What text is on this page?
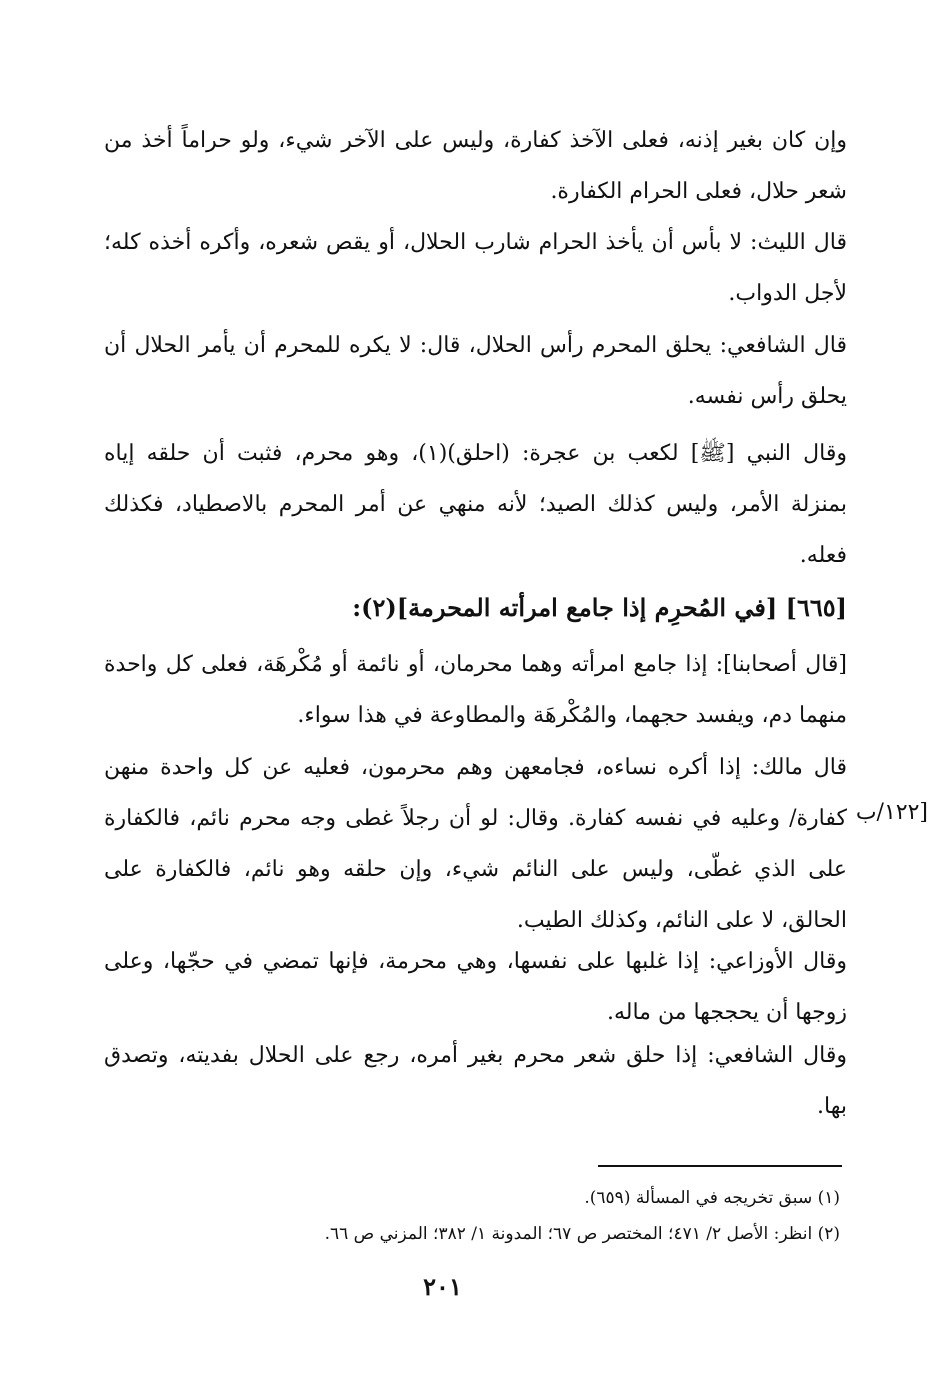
وإن كان بغير إذنه، فعلى الآخذ كفارة، وليس على الآخر شيء، ولو حراماً أخذ من شعر حلال، فعلى الحرام الكفارة.

قال الليث: لا بأس أن يأخذ الحرام شارب الحلال، أو يقص شعره، وأكره أخذه كله؛ لأجل الدواب.

قال الشافعي: يحلق المحرم رأس الحلال، قال: لا يكره للمحرم أن يأمر الحلال أن يحلق رأس نفسه.

وقال النبي [ﷺ] لكعب بن عجرة: (احلق)(١)، وهو محرم، فثبت أن حلقه إياه بمنزلة الأمر، وليس كذلك الصيد؛ لأنه منهي عن أمر المحرم بالاصطياد، فكذلك فعله.

[٦٦٥] [في المُحرِم إذا جامع امرأته المحرمة](٢):

[قال أصحابنا]: إذا جامع امرأته وهما محرمان، أو نائمة أو مُكْرهَة، فعلى كل واحدة منهما دم، ويفسد حجهما، والمُكْرهَة والمطاوعة في هذا سواء.

قال مالك: إذا أكره نساءه، فجامعهن وهم محرمون، فعليه عن كل واحدة منهن كفارة/ وعليه في نفسه كفارة. وقال: لو أن رجلاً غطى وجه محرم نائم، فالكفارة على الذي غطّى، وليس على النائم شيء، وإن حلقه وهو نائم، فالكفارة على الحالق، لا على النائم، وكذلك الطيب.

وقال الأوزاعي: إذا غلبها على نفسها، وهي محرمة، فإنها تمضي في حجّها، وعلى زوجها أن يحججها من ماله.

وقال الشافعي: إذا حلق شعر محرم بغير أمره، رجع على الحلال بفديته، وتصدق بها.

[١٢٢/ب

(١) سبق تخريجه في المسألة (٦٥٩).

(٢) انظر: الأصل ٢/ ٤٧١؛ المختصر ص ٦٧؛ المدونة ١/ ٣٨٢؛ المزني ص ٦٦.

٢٠١
